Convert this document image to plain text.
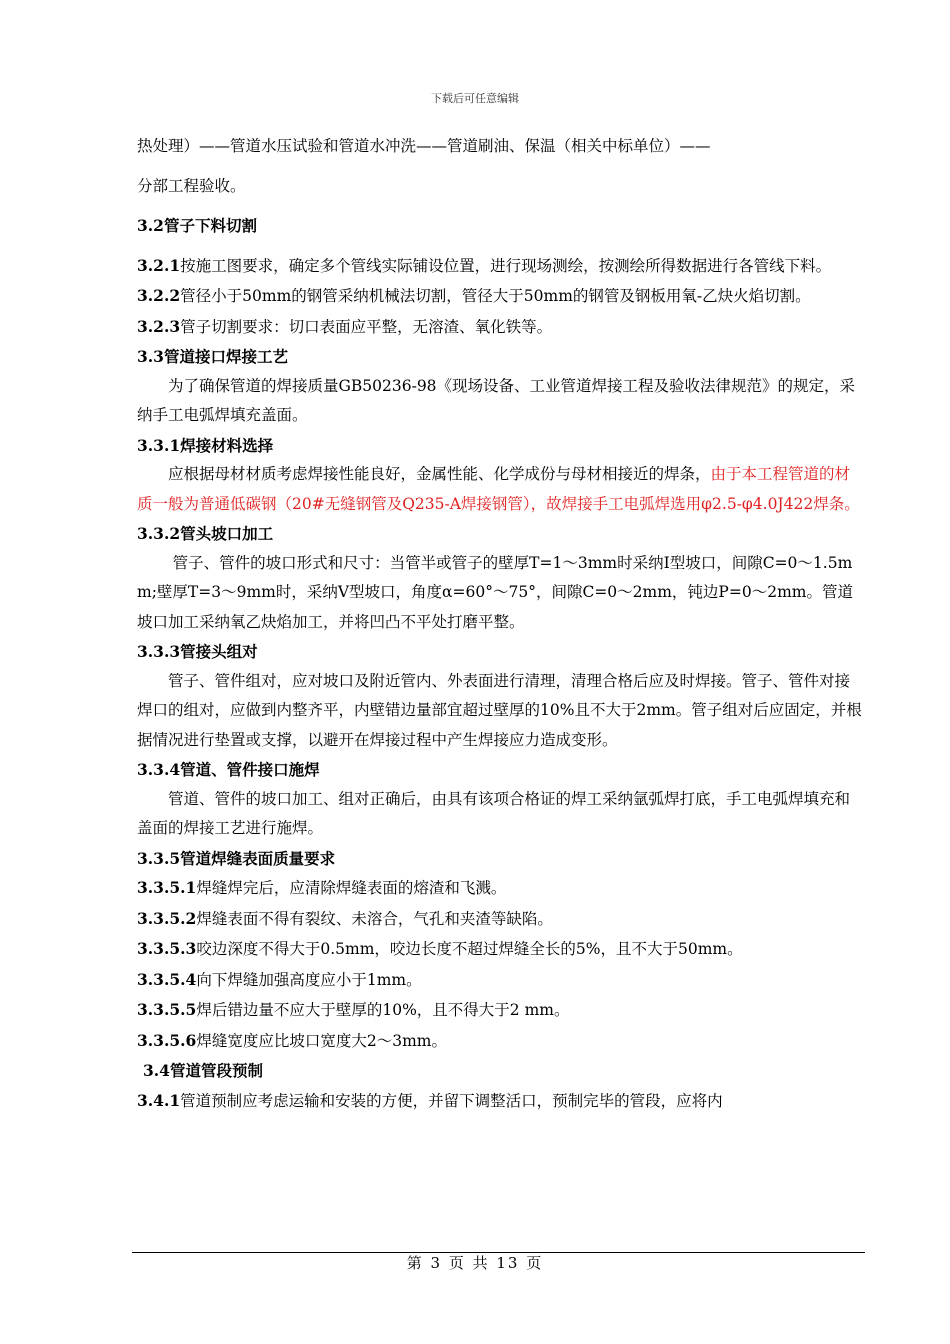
下载后可任意编辑

热处理）——管道水压试验和管道水冲洗——管道刷油、保温（相关中标单位）——

分部工程验收。

3.2管子下料切割

3.2.1按施工图要求，确定多个管线实际铺设位置，进行现场测绘，按测绘所得数据进行各管线下料。

3.2.2管径小于50mm的钢管采纳机械法切割，管径大于50mm的钢管及钢板用氧-乙炔火焰切割。

3.2.3管子切割要求：切口表面应平整，无溶渣、氧化铁等。

3.3管道接口焊接工艺

为了确保管道的焊接质量GB50236-98《现场设备、工业管道焊接工程及验收法律规范》的规定，采纳手工电弧焊填充盖面。

3.3.1焊接材料选择

应根据母材材质考虑焊接性能良好，金属性能、化学成份与母材相接近的焊条，由于本工程管道的材质一般为普通低碳钢（20#无缝钢管及Q235-A焊接钢管），故焊接手工电弧焊选用φ2.5-φ4.0J422焊条。

3.3.2管头坡口加工

管子、管件的坡口形式和尺寸：当管半或管子的壁厚T=1～3mm时采纳I型坡口，间隙C=0～1.5mm;壁厚T=3～9mm时，采纳V型坡口，角度α=60°～75°，间隙C=0～2mm，钝边P=0～2mm。管道坡口加工采纳氧乙炔焰加工，并将凹凸不平处打磨平整。

3.3.3管接头组对

管子、管件组对，应对坡口及附近管内、外表面进行清理，清理合格后应及时焊接。管子、管件对接焊口的组对，应做到内整齐平，内壁错边量部宜超过壁厚的10%且不大于2mm。管子组对后应固定，并根据情况进行垫置或支撑，以避开在焊接过程中产生焊接应力造成变形。

3.3.4管道、管件接口施焊

管道、管件的坡口加工、组对正确后，由具有该项合格证的焊工采纳氩弧焊打底，手工电弧焊填充和盖面的焊接工艺进行施焊。

3.3.5管道焊缝表面质量要求

3.3.5.1焊缝焊完后，应清除焊缝表面的熔渣和飞溅。

3.3.5.2焊缝表面不得有裂纹、未溶合，气孔和夹渣等缺陷。

3.3.5.3咬边深度不得大于0.5mm，咬边长度不超过焊缝全长的5%，且不大于50mm。

3.3.5.4向下焊缝加强高度应小于1mm。

3.3.5.5焊后错边量不应大于壁厚的10%，且不得大于2 mm。

3.3.5.6焊缝宽度应比坡口宽度大2～3mm。

3.4管道管段预制

3.4.1管道预制应考虑运输和安装的方便，并留下调整活口，预制完毕的管段，应将内

第 3 页 共 13 页
